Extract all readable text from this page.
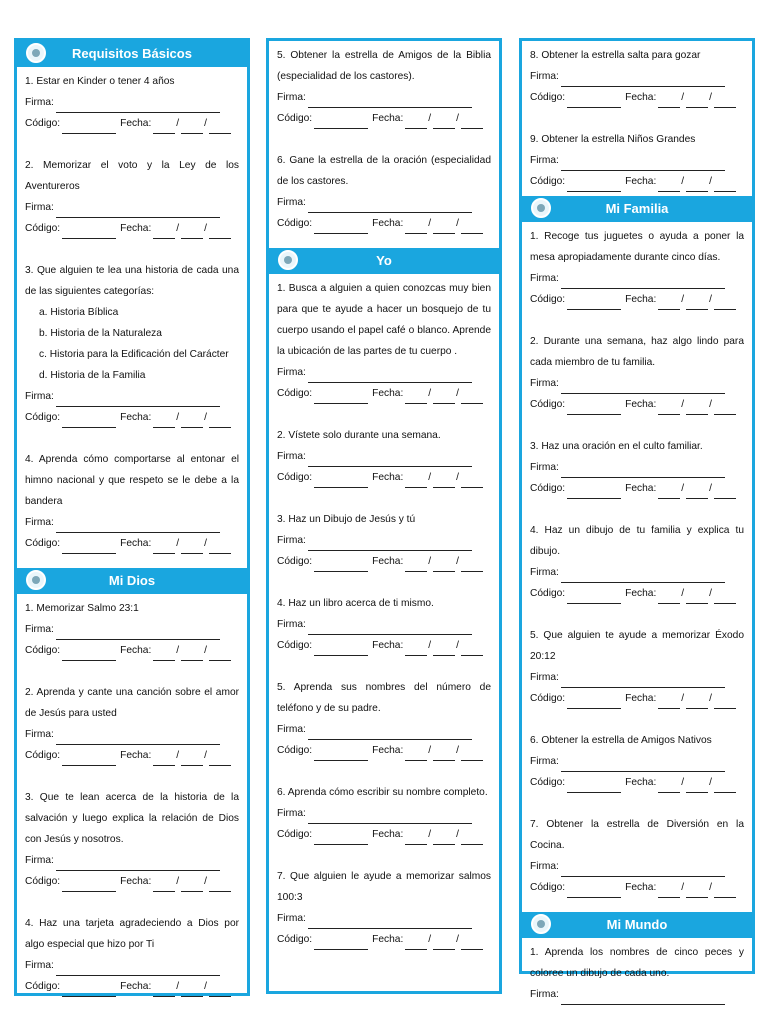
Requisitos Básicos
1. Estar en Kinder o tener 4 años
Firma:
Código:	Fecha: / /
2. Memorizar el voto y la Ley de los Aventureros
Firma:
Código:	Fecha: / /
3. Que alguien te lea una historia de cada una de las siguientes categorías:
a. Historia Bíblica
b. Historia de la Naturaleza
c. Historia para la Edificación del Carácter
d. Historia de la Familia
Firma:
Código:	Fecha: / /
4. Aprenda cómo comportarse al entonar el himno nacional y que respeto se le debe a la bandera
Firma:
Código:	Fecha: / /
Mi Dios
1. Memorizar Salmo 23:1
Firma:
Código:	Fecha: / /
2. Aprenda y cante una canción sobre el amor de Jesús para usted
Firma:
Código:	Fecha: / /
3. Que te lean acerca de la historia de la salvación y luego explica la relación de Dios con Jesús y nosotros.
Firma:
Código:	Fecha: / /
4. Haz una tarjeta agradeciendo a Dios por algo especial que hizo por Ti
Firma:
Código:	Fecha: / /
5. Obtener la estrella de Amigos de la Biblia (especialidad de los castores).
Firma:
Código:	Fecha: / /
6. Gane la estrella de la oración (especialidad de los castores.
Firma:
Código:	Fecha: / /
Yo
1. Busca a alguien a quien conozcas muy bien para que te ayude a hacer un bosquejo de tu cuerpo usando el papel café o blanco. Aprende la ubicación de las partes de tu cuerpo .
Firma:
Código:	Fecha: / /
2. Vístete solo durante una semana.
Firma:
Código:	Fecha: / /
3. Haz un Dibujo de Jesús y tú
Firma:
Código:	Fecha: / /
4. Haz un libro acerca de ti mismo.
Firma:
Código:	Fecha: / /
5. Aprenda sus nombres del número de teléfono y de su padre.
Firma:
Código:	Fecha: / /
6. Aprenda cómo escribir su nombre completo.
Firma:
Código:	Fecha: / /
7. Que alguien le ayude a memorizar salmos 100:3
Firma:
Código:	Fecha: / /
8. Obtener la estrella salta para gozar
Firma:
Código:	Fecha: / /
9. Obtener la estrella Niños Grandes
Firma:
Código:	Fecha: / /
Mi Familia
1. Recoge tus juguetes o ayuda a poner la mesa apropiadamente durante cinco días.
Firma:
Código:	Fecha: / /
2. Durante una semana, haz algo lindo para cada miembro de tu familia.
Firma:
Código:	Fecha: / /
3. Haz una oración en el culto familiar.
Firma:
Código:	Fecha: / /
4. Haz un dibujo de tu familia y explica tu dibujo.
Firma:
Código:	Fecha: / /
5. Que alguien te ayude a memorizar Éxodo 20:12
Firma:
Código:	Fecha: / /
6. Obtener la estrella de Amigos Nativos
Firma:
Código:	Fecha: / /
7. Obtener la estrella de Diversión en la Cocina.
Firma:
Código:	Fecha: / /
Mi Mundo
1. Aprenda los nombres de cinco peces y coloree un dibujo de cada uno.
Firma:
